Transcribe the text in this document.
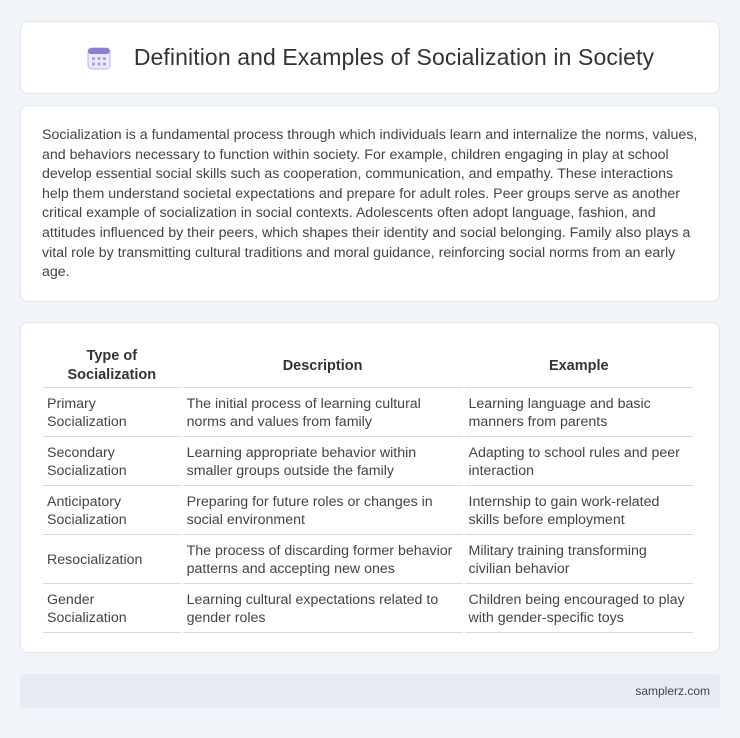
Definition and Examples of Socialization in Society

Socialization is a fundamental process through which individuals learn and internalize the norms, values, and behaviors necessary to function within society. For example, children engaging in play at school develop essential social skills such as cooperation, communication, and empathy. These interactions help them understand societal expectations and prepare for adult roles. Peer groups serve as another critical example of socialization in social contexts. Adolescents often adopt language, fashion, and attitudes influenced by their peers, which shapes their identity and social belonging. Family also plays a vital role by transmitting cultural traditions and moral guidance, reinforcing social norms from an early age.

Type of Socialization	Description	Example
Primary Socialization	The initial process of learning cultural norms and values from family	Learning language and basic manners from parents
Secondary Socialization	Learning appropriate behavior within smaller groups outside the family	Adapting to school rules and peer interaction
Anticipatory Socialization	Preparing for future roles or changes in social environment	Internship to gain work-related skills before employment
Resocialization	The process of discarding former behavior patterns and accepting new ones	Military training transforming civilian behavior
Gender Socialization	Learning cultural expectations related to gender roles	Children being encouraged to play with gender-specific toys
samplerz.com
